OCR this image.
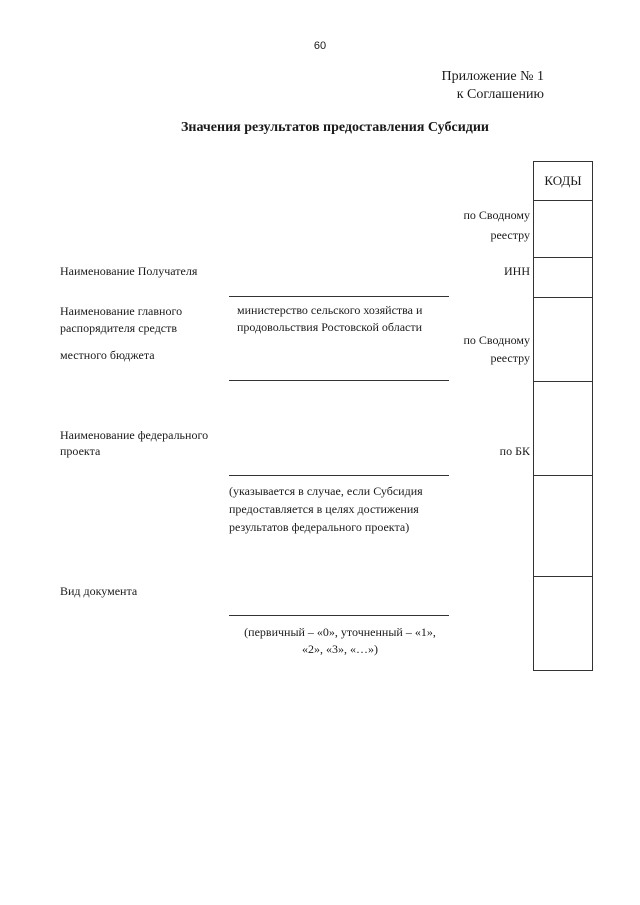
60
Приложение № 1
к Соглашению
Значения результатов предоставления Субсидии
КОДЫ
по Сводному
реестру
ИНН
по Сводному
реестру
по БК
Наименование Получателя
Наименование главного
распорядителя средств
местного бюджета
министерство сельского хозяйства и продовольствия Ростовской области
Наименование федерального
проекта
(указывается в случае, если Субсидия предоставляется в целях достижения результатов федерального проекта)
Вид документа
(первичный – «0», уточненный – «1»,
«2», «3», «…»)
